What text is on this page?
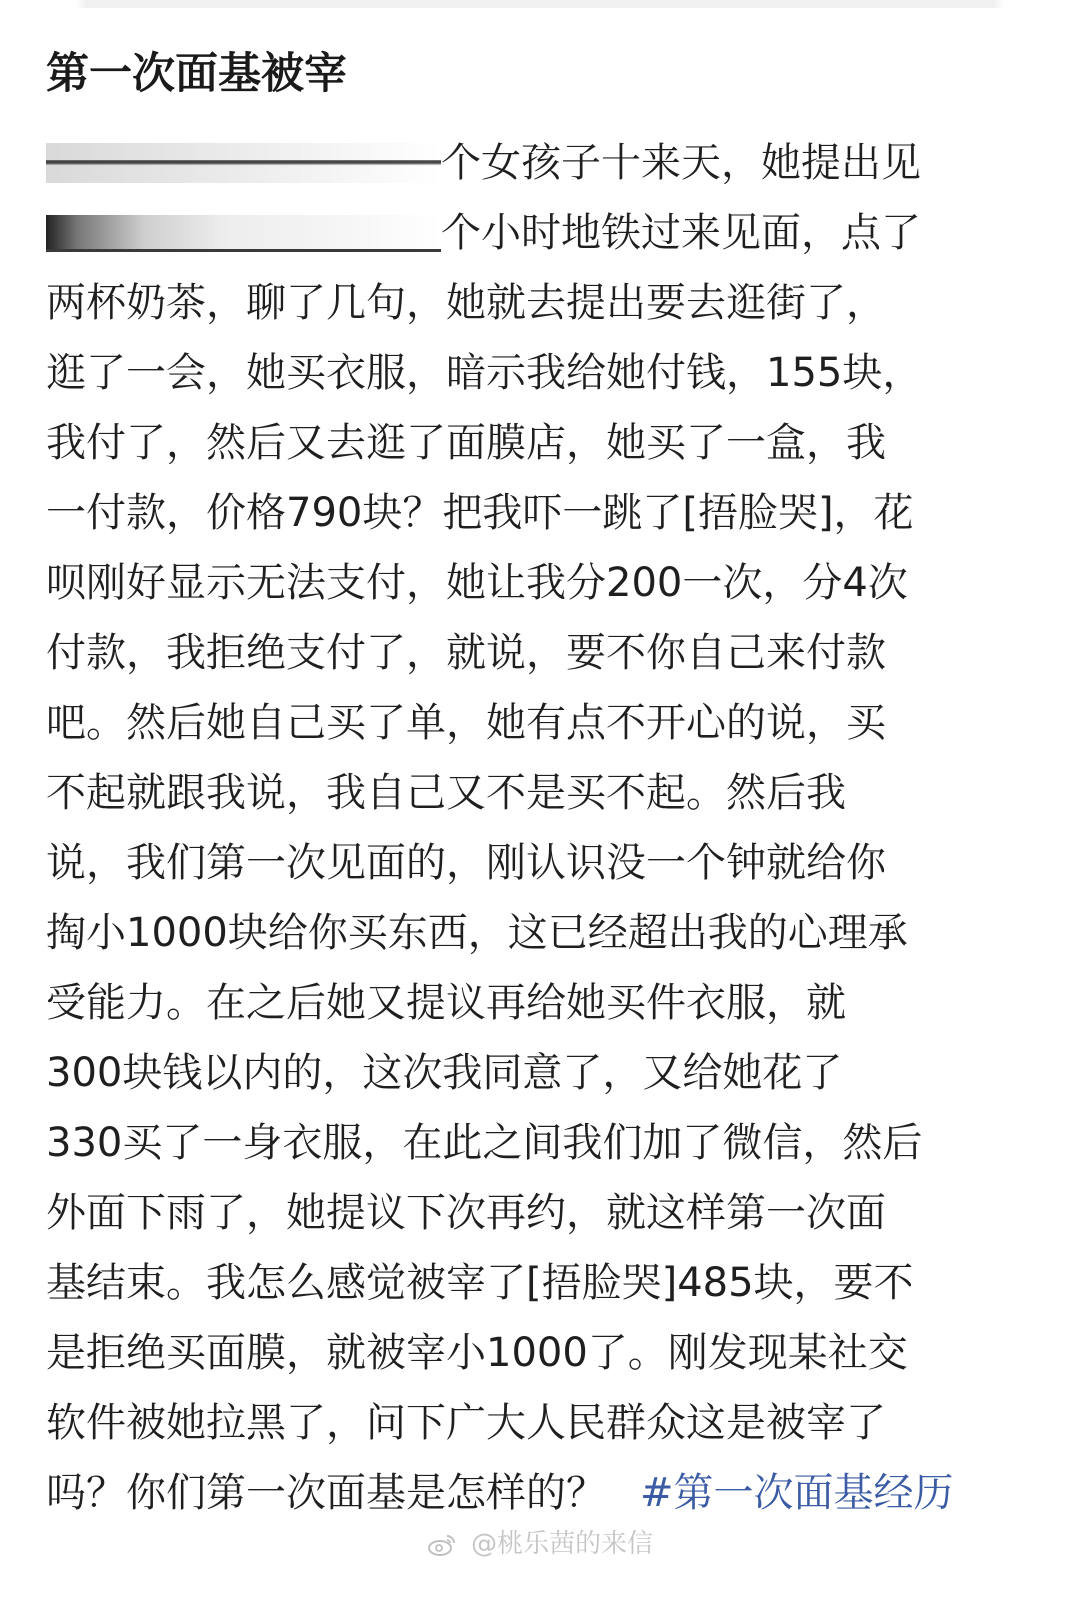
第一次面基被宰
个女孩子十来天，她提出见
个小时地铁过来见面，点了
两杯奶茶，聊了几句，她就去提出要去逛街了，
逛了一会，她买衣服，暗示我给她付钱，155块，
我付了，然后又去逛了面膜店，她买了一盒，我
一付款，价格790块？把我吓一跳了[捂脸哭]，花
呗刚好显示无法支付，她让我分200一次，分4次
付款，我拒绝支付了，就说，要不你自己来付款
吧。然后她自己买了单，她有点不开心的说，买
不起就跟我说，我自己又不是买不起。然后我
说，我们第一次见面的，刚认识没一个钟就给你
掏小1000块给你买东西，这已经超出我的心理承
受能力。在之后她又提议再给她买件衣服，就
300块钱以内的，这次我同意了，又给她花了
330买了一身衣服，在此之间我们加了微信，然后
外面下雨了，她提议下次再约，就这样第一次面
基结束。我怎么感觉被宰了[捂脸哭]485块，要不
是拒绝买面膜，就被宰小1000了。刚发现某社交
软件被她拉黑了，问下广大人民群众这是被宰了
吗？你们第一次面基是怎样的？ #第一次面基经历
@桃乐茜的来信
